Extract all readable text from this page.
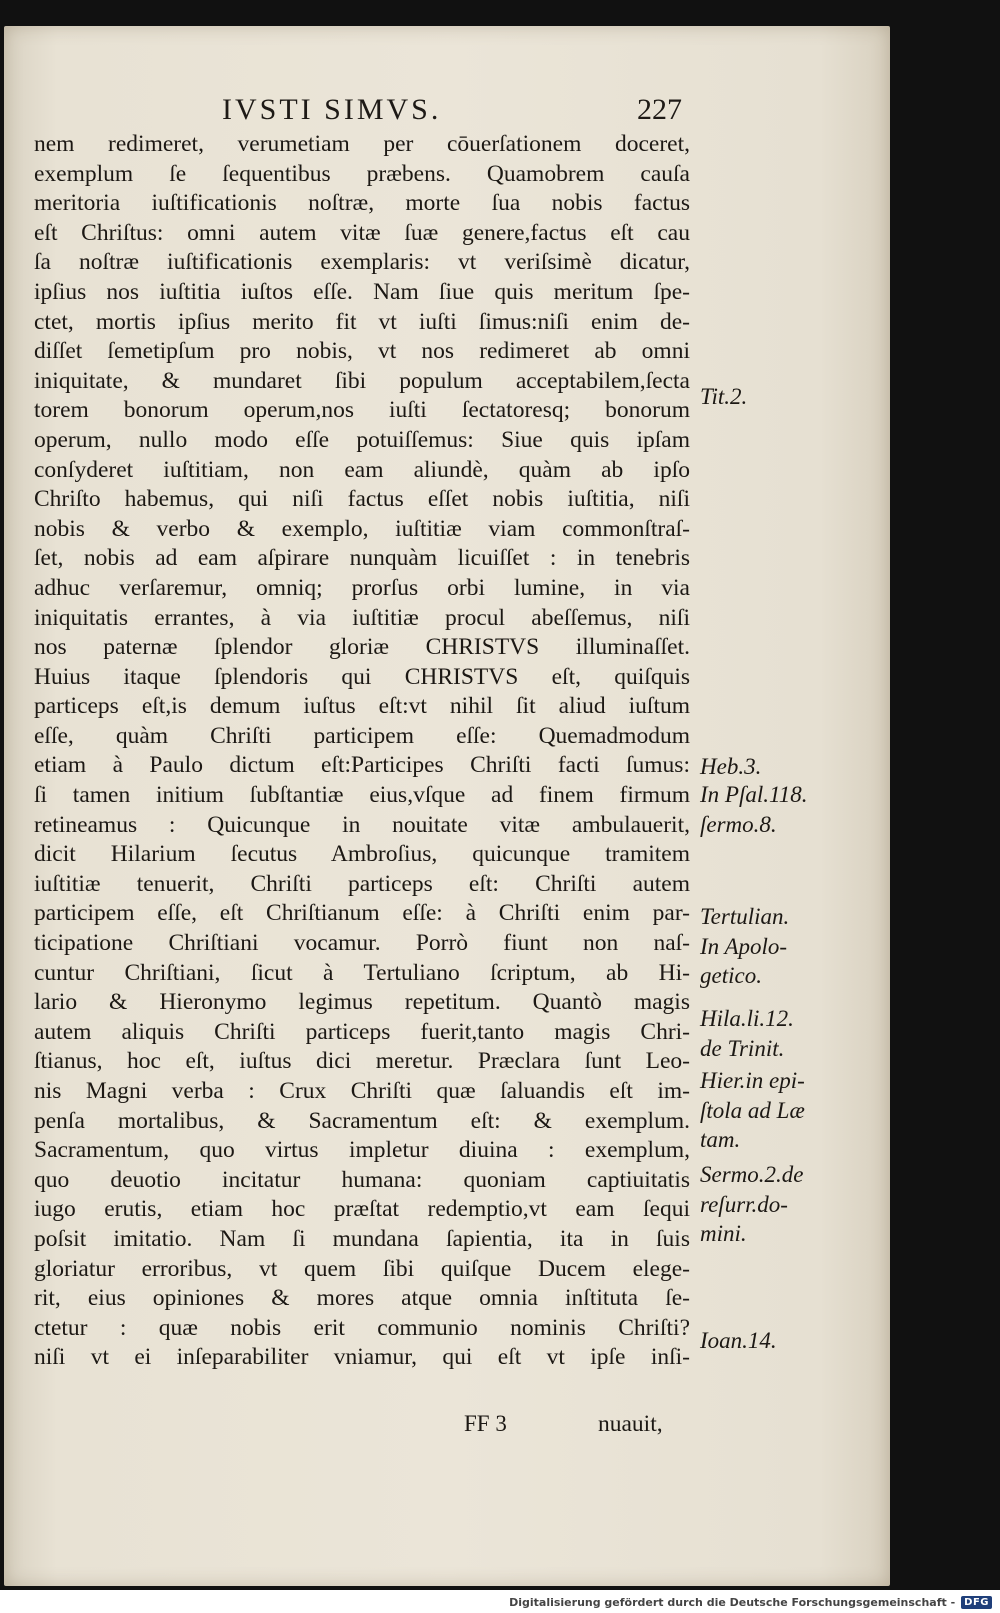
IVSTI SIMVS.	227
nem redimeret, verumetiam per cōuerſationem doceret,
exemplum ſe ſequentibus præbens. Quamobrem cauſa
meritoria iuſtificationis noſtræ, morte ſua nobis factus
eſt Chriſtus: omni autem vitæ ſuæ genere,factus eſt cau
ſa noſtræ iuſtificationis exemplaris: vt veriſsimè dicatur,
ipſius nos iuſtitia iuſtos eſſe. Nam ſiue quis meritum ſpe-
ctet, mortis ipſius merito fit vt iuſti ſimus:niſi enim de-
diſſet ſemetipſum pro nobis, vt nos redimeret ab omni
iniquitate, & mundaret ſibi populum acceptabilem,ſecta
torem bonorum operum,nos iuſti ſectatoresq; bonorum
operum, nullo modo eſſe potuiſſemus: Siue quis ipſam
conſyderet iuſtitiam, non eam aliundè, quàm ab ipſo
Chriſto habemus, qui niſi factus eſſet nobis iuſtitia, niſi
nobis & verbo & exemplo, iuſtitiæ viam commonſtraſ-
ſet, nobis ad eam aſpirare nunquàm licuiſſet : in tenebris
adhuc verſaremur, omniq; prorſus orbi lumine, in via
iniquitatis errantes, à via iuſtitiæ procul abeſſemus, niſi
nos paternæ ſplendor gloriæ CHRISTVS illuminaſſet.
Huius itaque ſplendoris qui CHRISTVS eſt, quiſquis
particeps eſt,is demum iuſtus eſt:vt nihil ſit aliud iuſtum
eſſe, quàm Chriſti participem eſſe: Quemadmodum
etiam à Paulo dictum eſt:Participes Chriſti facti ſumus:
ſi tamen initium ſubſtantiæ eius,vſque ad finem firmum
retineamus : Quicunque in nouitate vitæ ambulauerit,
dicit Hilarium ſecutus Ambroſius, quicunque tramitem
iuſtitiæ tenuerit, Chriſti particeps eſt: Chriſti autem
participem eſſe, eſt Chriſtianum eſſe: à Chriſti enim par-
ticipatione Chriſtiani vocamur. Porrò fiunt non naſ-
cuntur Chriſtiani, ſicut à Tertuliano ſcriptum, ab Hi-
lario & Hieronymo legimus repetitum. Quantò magis
autem aliquis Chriſti particeps fuerit,tanto magis Chri-
ſtianus, hoc eſt, iuſtus dici meretur. Præclara ſunt Leo-
nis Magni verba : Crux Chriſti quæ ſaluandis eſt im-
penſa mortalibus, & Sacramentum eſt: & exemplum.
Sacramentum, quo virtus impletur diuina : exemplum,
quo deuotio incitatur humana: quoniam captiuitatis
iugo erutis, etiam hoc præſtat redemptio,vt eam ſequi
poſsit imitatio. Nam ſi mundana ſapientia, ita in ſuis
gloriatur erroribus, vt quem ſibi quiſque Ducem elege-
rit, eius opiniones & mores atque omnia inſtituta ſe-
ctetur : quæ nobis erit communio nominis Chriſti?
niſi vt ei inſeparabiliter vniamur, qui eſt vt ipſe inſi-
FF 3	nuauit,
Tit.2.
Heb.3.
In Pſal.118.
ſermo.8.
Tertulian.
In Apolo-
getico.
Hila.li.12.
de Trinit.
Hier.in epi-
ſtola ad Læ
tam.
Sermo.2.de
reſurr.do-
mini.
Ioan.14.
Digitalisierung gefördert durch die Deutsche Forschungsgemeinschaft - DFG
